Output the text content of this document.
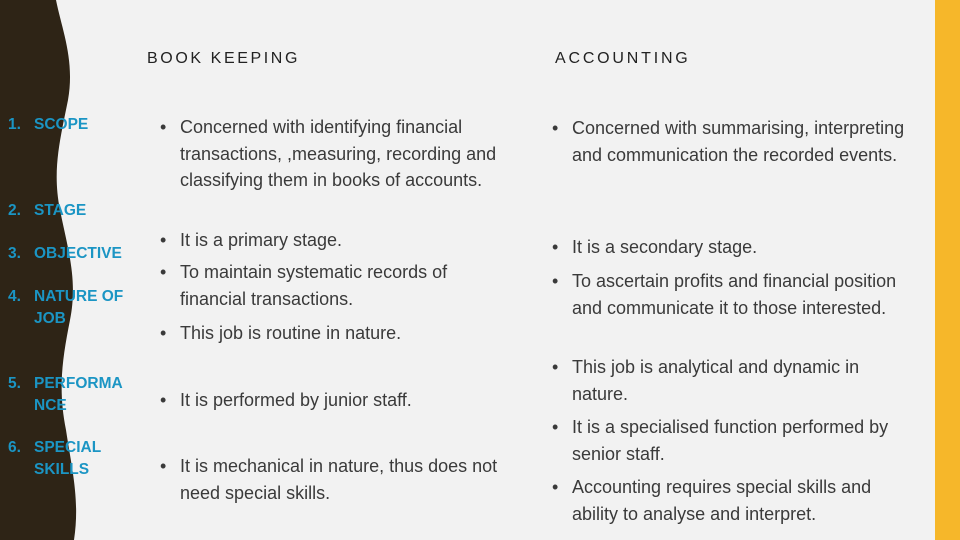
BOOK KEEPING	ACCOUNTING
1. SCOPE
2. STAGE
3. OBJECTIVE
4. NATURE OF JOB
5. PERFORMA NCE
6. SPECIAL SKILLS
• Concerned with identifying financial transactions, ,measuring, recording and classifying them in books of accounts.
• It is a primary stage.
• To maintain systematic records of financial transactions.
• This job is routine in nature.
• It is performed by junior staff.
• It is mechanical in nature, thus does not need special skills.
• Concerned with summarising, interpreting and communication the recorded events.
• It is a secondary stage.
• To ascertain profits and financial position and communicate it to those interested.
• This job is analytical and dynamic in nature.
• It is a specialised function performed by senior staff.
• Accounting requires special skills and ability to analyse and interpret.
